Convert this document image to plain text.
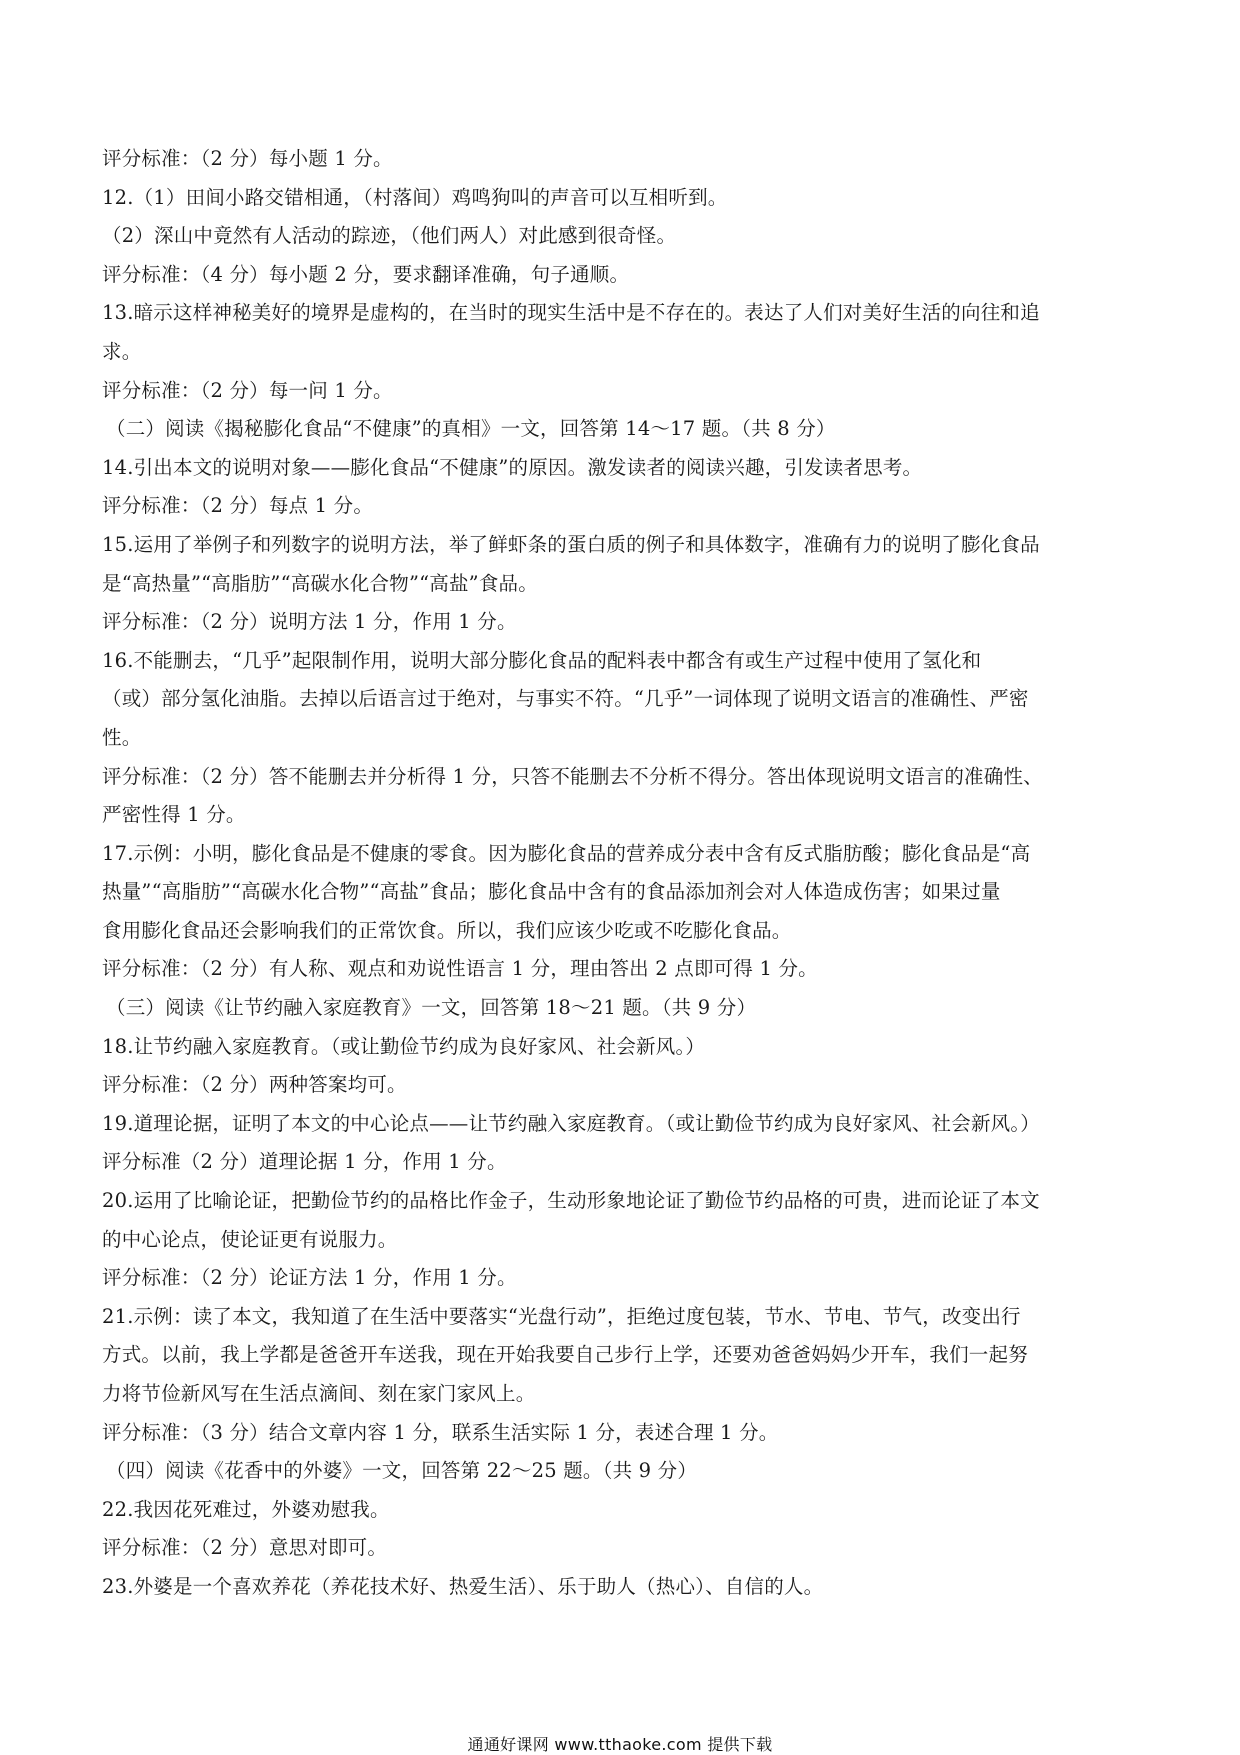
评分标准：（2 分）每小题 1 分。
12.（1）田间小路交错相通，（村落间）鸡鸣狗叫的声音可以互相听到。
（2）深山中竟然有人活动的踪迹，（他们两人）对此感到很奇怪。
评分标准：（4 分）每小题 2 分，要求翻译准确，句子通顺。
13.暗示这样神秘美好的境界是虚构的，在当时的现实生活中是不存在的。表达了人们对美好生活的向往和追
求。
评分标准：（2 分）每一问 1 分。
（二）阅读《揭秘膨化食品“不健康”的真相》一文，回答第 14～17 题。（共 8 分）
14.引出本文的说明对象——膨化食品“不健康”的原因。激发读者的阅读兴趣，引发读者思考。
评分标准：（2 分）每点 1 分。
15.运用了举例子和列数字的说明方法，举了鲜虾条的蛋白质的例子和具体数字，准确有力的说明了膨化食品
是“高热量”“高脂肪”“高碳水化合物”“高盐”食品。
评分标准：（2 分）说明方法 1 分，作用 1 分。
16.不能删去，“几乎”起限制作用，说明大部分膨化食品的配料表中都含有或生产过程中使用了氢化和
（或）部分氢化油脂。去掉以后语言过于绝对，与事实不符。“几乎”一词体现了说明文语言的准确性、严密
性。
评分标准：（2 分）答不能删去并分析得 1 分，只答不能删去不分析不得分。答出体现说明文语言的准确性、
严密性得 1 分。
17.示例：小明，膨化食品是不健康的零食。因为膨化食品的营养成分表中含有反式脂肪酸；膨化食品是“高
热量”“高脂肪”“高碳水化合物”“高盐”食品；膨化食品中含有的食品添加剂会对人体造成伤害；如果过量
食用膨化食品还会影响我们的正常饮食。所以，我们应该少吃或不吃膨化食品。
评分标准：（2 分）有人称、观点和劝说性语言 1 分，理由答出 2 点即可得 1 分。
（三）阅读《让节约融入家庭教育》一文，回答第 18～21 题。（共 9 分）
18.让节约融入家庭教育。（或让勤俭节约成为良好家风、社会新风。）
评分标准：（2 分）两种答案均可。
19.道理论据，证明了本文的中心论点——让节约融入家庭教育。（或让勤俭节约成为良好家风、社会新风。）
评分标准（2 分）道理论据 1 分，作用 1 分。
20.运用了比喻论证，把勤俭节约的品格比作金子，生动形象地论证了勤俭节约品格的可贵，进而论证了本文
的中心论点，使论证更有说服力。
评分标准：（2 分）论证方法 1 分，作用 1 分。
21.示例：读了本文，我知道了在生活中要落实“光盘行动”，拒绝过度包装，节水、节电、节气，改变出行
方式。以前，我上学都是爸爸开车送我，现在开始我要自己步行上学，还要劝爸爸妈妈少开车，我们一起努
力将节俭新风写在生活点滴间、刻在家门家风上。
评分标准：（3 分）结合文章内容 1 分，联系生活实际 1 分，表述合理 1 分。
（四）阅读《花香中的外婆》一文，回答第 22～25 题。（共 9 分）
22.我因花死难过，外婆劝慰我。
评分标准：（2 分）意思对即可。
23.外婆是一个喜欢养花（养花技术好、热爱生活）、乐于助人（热心）、自信的人。
通通好课网 www.tthaoke.com 提供下载
